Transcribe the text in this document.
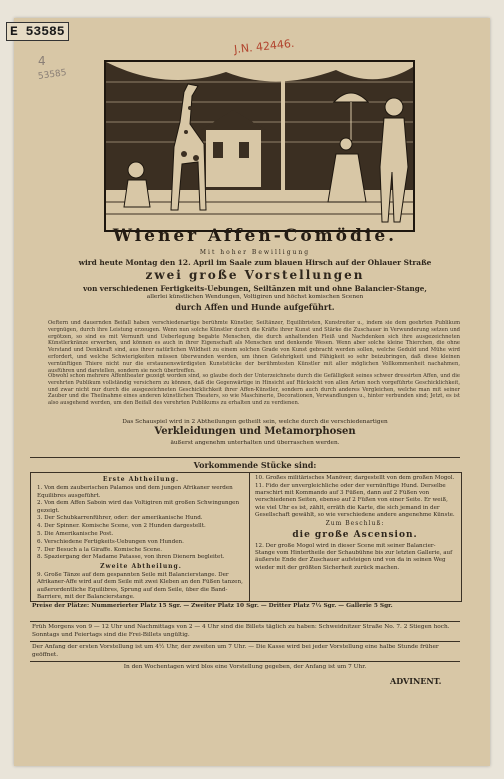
E 53585
4
53585
J.N. 42446.
Wiener Affen-Comödie.
Mit hoher Bewilligung
wird heute Montag den 12. April im Saale zum blauen Hirsch auf der Ohlauer Straße
zwei große Vorstellungen
von verschiedenen Fertigkeits-Uebungen, Seiltänzen mit und ohne Balancier-Stange,
allerlei künstlichen Wendungen, Voltigiren und höchst komischen Scenen
durch Affen und Hunde aufgeführt.
Oeftern und dauernden Beifall haben verschiedenartige berühmte Künstler, Seiltänzer, Equilibristen, Kunstreiter u., indem sie dem geehrten Publikum vergnügen, durch ihre Leistung erzeugen. Wenn nun solche Künstler durch die Kräfte ihrer Kunst und Stärke die Zuschauer in Verwunderung setzen und ergötzen, so sind es mit Vernunft und Ueberlegung begabte Menschen, die durch anhaltenden Fleiß und Nachdenken sich ihre ausgezeichneten Künstlerkränze erwerben, und können es auch in ihrer Eigenschaft als Menschen und denkende Wesen. Wenn aber solche kleine Thierchen, die ohne Verstand und Denkkraft sind, aus ihrer natürlichen Wildheit zu einem solchen Grade von Kunst gebracht werden sollen, welche Geduld und Mühe wird erfordert, und welche Schwierigkeiten müssen überwunden werden, um ihnen Gelehrigkeit und Fähigkeit so sehr beizubringen, daß diese kleinen vernünftigen Thiere nicht nur die erstaunenswürdigsten Kunststücke der berühmtesten Künstler mit aller möglichen Vollkommenheit nachahmen, ausführen und darstellen, sondern sie noch übertreffen.
Obwohl schon mehrere Affentheater gezeigt worden sind, so glaube doch der Unterzeichnete durch die Gefälligkeit seines schwer dressirten Affen, und die verehrten Publikum vollständig versichern zu können, daß die Gegenwärtige in Hinsicht auf Rücksicht von allen Arten noch vorgeführte Geschicklichkeit, und zwar nicht nur durch die ausgezeichneten Geschicklichkeit ihrer Affen-Künstler, sondern auch durch anderes Vergleichen, welche man mit seiner Zauber und die Theilnahme eines anderen künstlichen Theaters, so wie Maschinerie, Decorationen, Verwandlungen u., hinter verbunden sind; Jetzt, es ist also ausgehend werden, um den Beifall des verehrten Publikums zu erhalten und zu verdienen.
Das Schauspiel wird in 2 Abtheilungen getheilt sein, welche durch die verschiedenartigen
Verkleidungen und Metamorphosen
äußerst angenehm unterhalten und überraschen werden.
Vorkommende Stücke sind:
Erste Abtheilung.
1. Von dem zauberischen Palamos und dem jungen Afrikaner werden Equilibres ausgeführt.
2. Von dem Affen Saboin wird das Voltigiren mit großen Schwingungen gezeigt.
3. Der Schubkarrenführer, oder: der amerikanische Hund.
4. Der Spinner. Komische Scene, von 2 Hunden dargestellt.
5. Die Amerikanische Post.
6. Verschiedene Fertigkeits-Uebungen von Hunden.
7. Der Besuch a la Giraffe. Komische Scene.
8. Spaziergang der Madame Patasse, von ihren Dienern begleitet.
Zweite Abtheilung.
9. Große Tänze auf dem gespannten Seile mit Balancierstange. Der Afrikaner-Affe wird auf dem Seile mit zwei Kleben an den Füßen tanzen, außerordentliche Equilibres, Sprung auf dem Seile, über die Band-Barriere, mit der Balancierstange.
10. Großes militärisches Manöver, dargestellt von dem großen Mogol.
11. Fido der unvergleichliche oder der vernünftige Hund. Derselbe marschirt mit Kommando auf 3 Füßen, dann auf 2 Füßen von verschiedenen Seiten, ebenso auf 2 Füßen von einer Seite. Er weiß, wie viel Uhr es ist, zählt, erräth die Karte, die sich jemand in der Gesellschaft gewählt, so wie verschiedene andere angenehme Künste.
Zum Beschluß:
die große Ascension.
12. Der große Mogol wird in dieser Scene mit seiner Balancier-Stange vom Hintertheile der Schaubühne bis zur letzten Gallerie, auf äußerste Ende der Zuschauer aufsteigen und von da in seinen Weg wieder mit der größten Sicherheit zurück machen.
Preise der Plätze: Nummerierter Platz 15 Sgr. — Zweiter Platz 10 Sgr. — Dritter Platz 7½ Sgr. — Gallerie 5 Sgr.
Früh Morgens von 9 — 12 Uhr und Nachmittags von 2 — 4 Uhr sind die Billets täglich zu haben: Schweidnitzer Straße No. 7. 2 Stiegen hoch. Sonntags und Feiertags sind die Frei-Billets ungültig.
Der Anfang der ersten Vorstellung ist um 4½ Uhr, der zweiten um 7 Uhr. — Die Kasse wird bei jeder Vorstellung eine halbe Stunde früher geöffnet.
In den Wochentagen wird blos eine Vorstellung gegeben, der Anfang ist um 7 Uhr.
ADVINENT.
